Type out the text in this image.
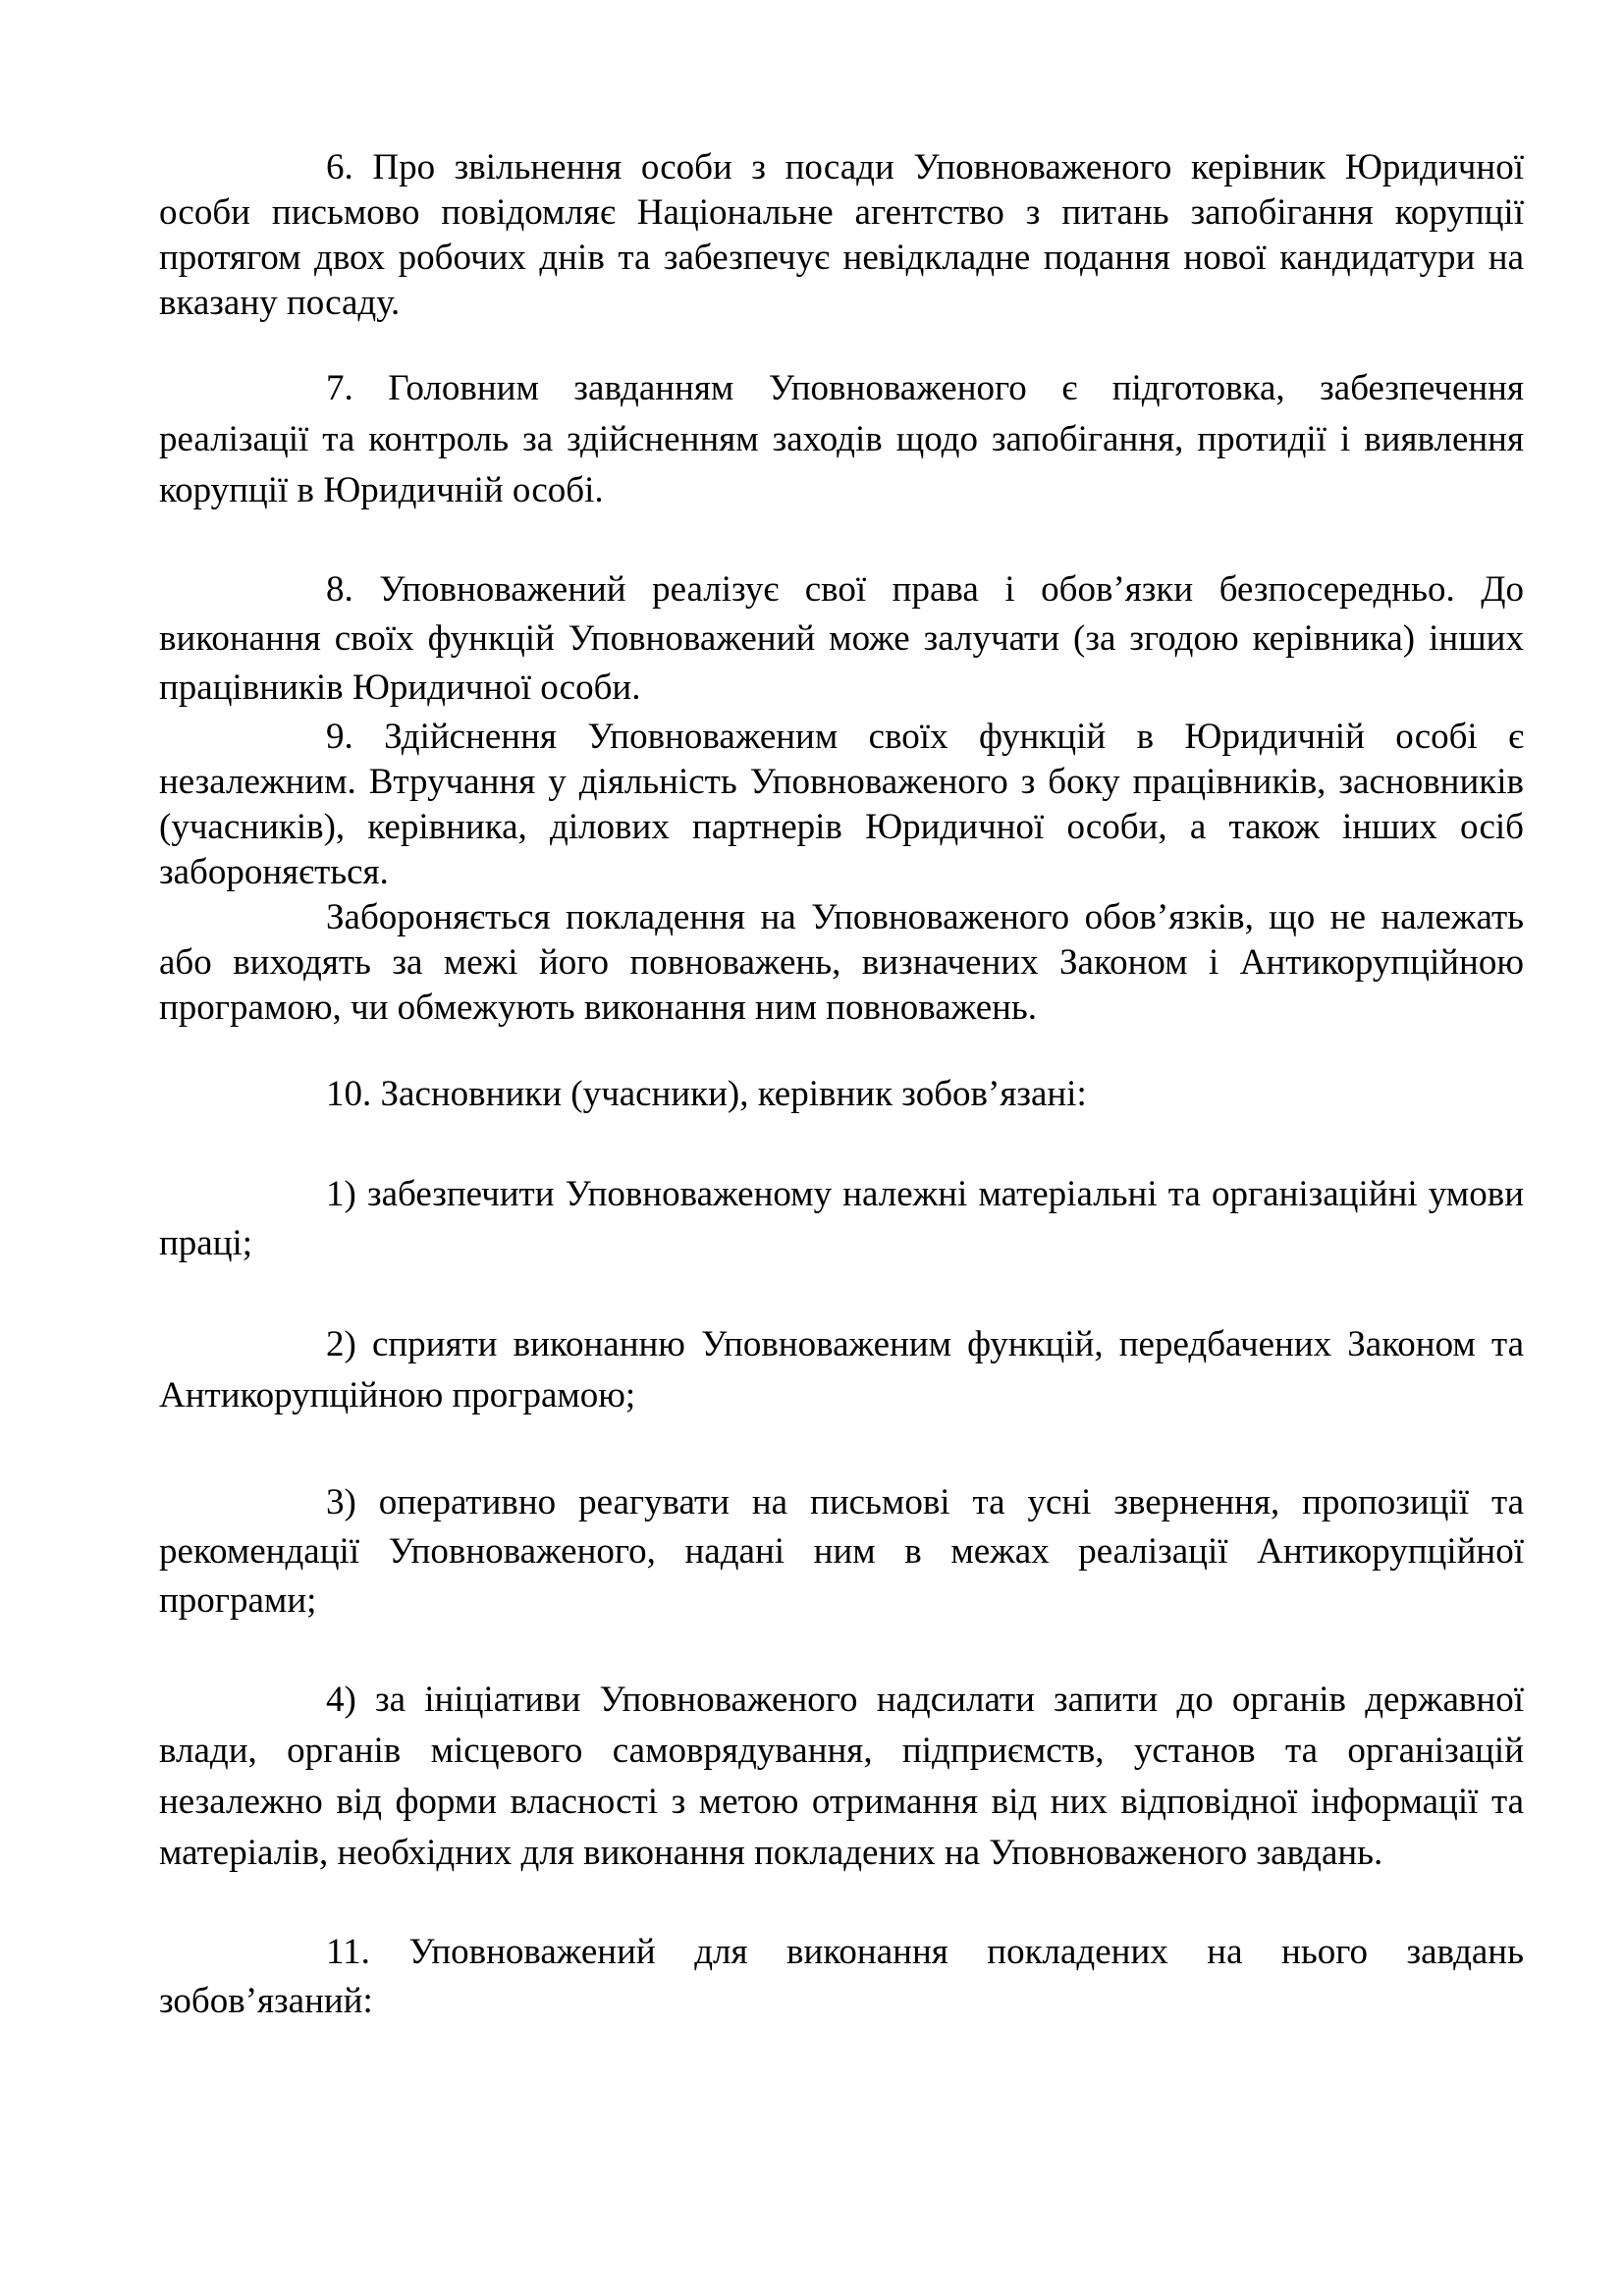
6. Про звільнення особи з посади Уповноваженого керівник Юридичної особи письмово повідомляє Національне агентство з питань запобігання корупції протягом двох робочих днів та забезпечує невідкладне подання нової кандидатури на вказану посаду.

7. Головним завданням Уповноваженого є підготовка, забезпечення реалізації та контроль за здійсненням заходів щодо запобігання, протидії і виявлення корупції в Юридичній особі.

8. Уповноважений реалізує свої права і обов’язки безпосередньо. До виконання своїх функцій Уповноважений може залучати (за згодою керівника) інших працівників Юридичної особи.

9. Здійснення Уповноваженим своїх функцій в Юридичній особі є незалежним. Втручання у діяльність Уповноваженого з боку працівників, засновників (учасників), керівника, ділових партнерів Юридичної особи, а також інших осіб забороняється.

Забороняється покладення на Уповноваженого обов’язків, що не належать або виходять за межі його повноважень, визначених Законом і Антикорупційною програмою, чи обмежують виконання ним повноважень.

10. Засновники (учасники), керівник зобов’язані:

1) забезпечити Уповноваженому належні матеріальні та організаційні умови праці;

2) сприяти виконанню Уповноваженим функцій, передбачених Законом та Антикорупційною програмою;

3) оперативно реагувати на письмові та усні звернення, пропозиції та рекомендації Уповноваженого, надані ним в межах реалізації Антикорупційної програми;

4) за ініціативи Уповноваженого надсилати запити до органів державної влади, органів місцевого самоврядування, підприємств, установ та організацій незалежно від форми власності з метою отримання від них відповідної інформації та матеріалів, необхідних для виконання покладених на Уповноваженого завдань.

11. Уповноважений для виконання покладених на нього завдань зобов’язаний:
